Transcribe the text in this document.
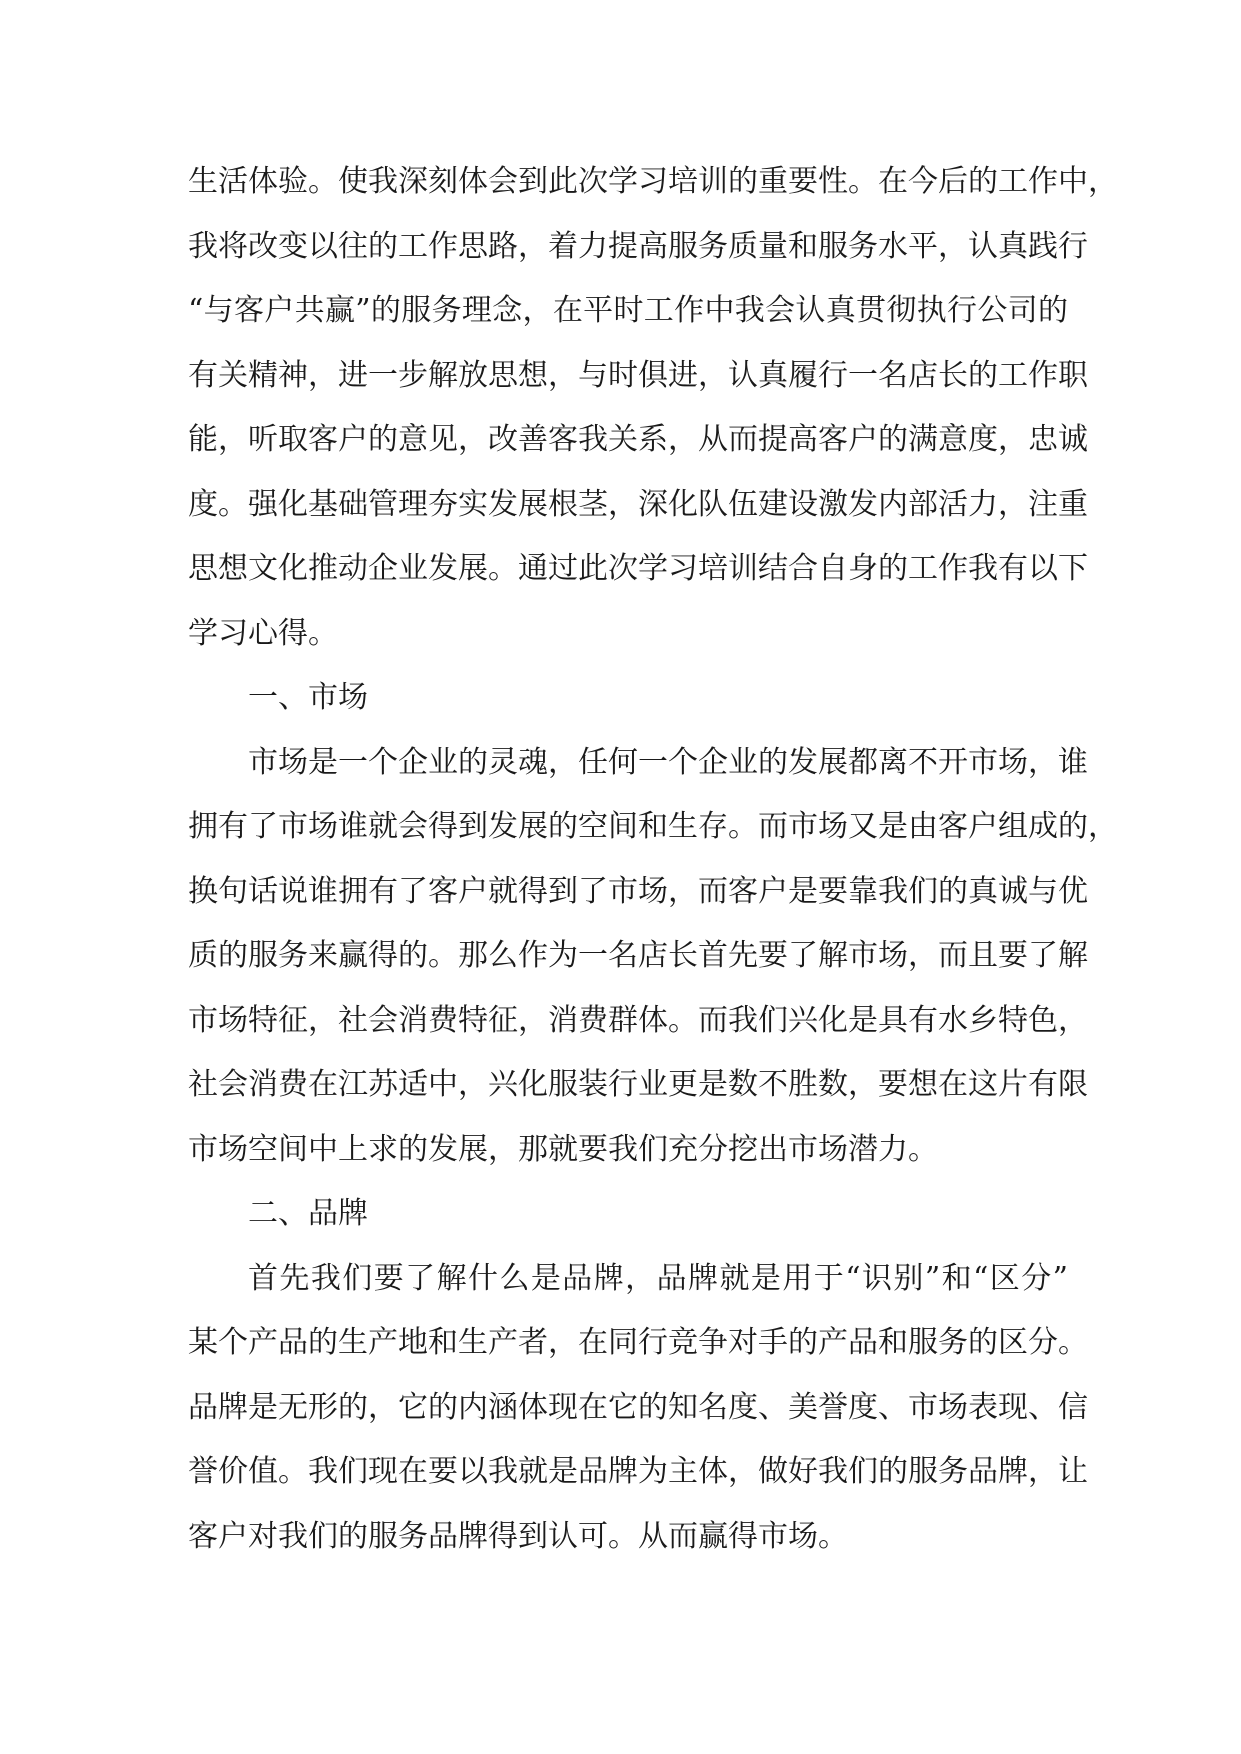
生活体验。使我深刻体会到此次学习培训的重要性。在今后的工作中，
我将改变以往的工作思路，着力提高服务质量和服务水平，认真践行
“与客户共赢”的服务理念，在平时工作中我会认真贯彻执行公司的
有关精神，进一步解放思想，与时俱进，认真履行一名店长的工作职
能，听取客户的意见，改善客我关系，从而提高客户的满意度，忠诚
度。强化基础管理夯实发展根茎，深化队伍建设激发内部活力，注重
思想文化推动企业发展。通过此次学习培训结合自身的工作我有以下
学习心得。
一、市场
市场是一个企业的灵魂，任何一个企业的发展都离不开市场，谁
拥有了市场谁就会得到发展的空间和生存。而市场又是由客户组成的，
换句话说谁拥有了客户就得到了市场，而客户是要靠我们的真诚与优
质的服务来赢得的。那么作为一名店长首先要了解市场，而且要了解
市场特征，社会消费特征，消费群体。而我们兴化是具有水乡特色，
社会消费在江苏适中，兴化服装行业更是数不胜数，要想在这片有限
市场空间中上求的发展，那就要我们充分挖出市场潜力。
二、品牌
首先我们要了解什么是品牌，品牌就是用于“识别”和“区分”
某个产品的生产地和生产者，在同行竞争对手的产品和服务的区分。
品牌是无形的，它的内涵体现在它的知名度、美誉度、市场表现、信
誉价值。我们现在要以我就是品牌为主体，做好我们的服务品牌，让
客户对我们的服务品牌得到认可。从而赢得市场。
